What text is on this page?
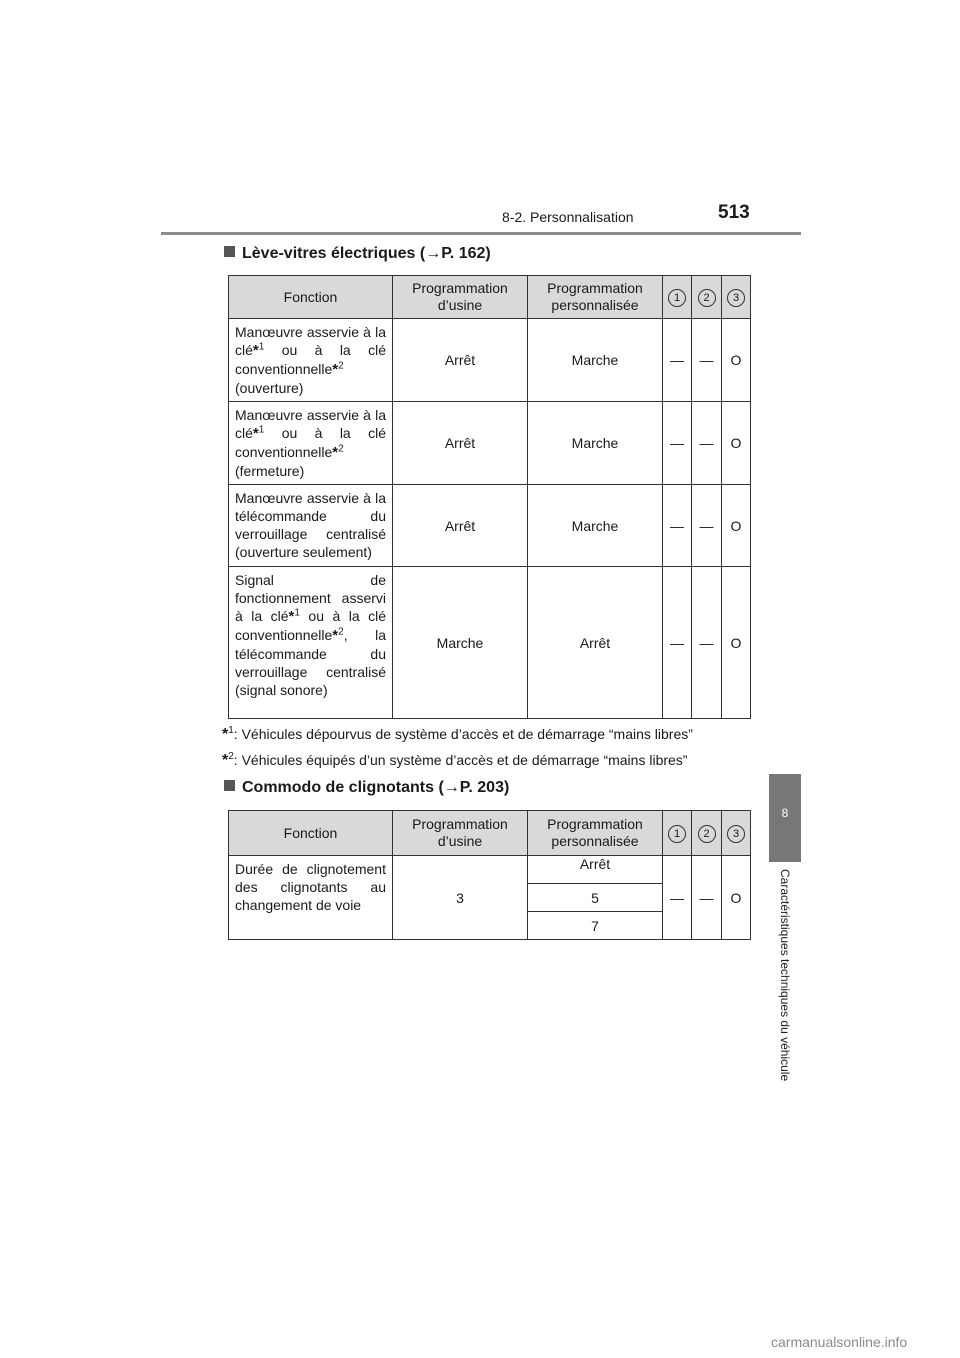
8-2. Personnalisation	513
8
Caractéristiques techniques du véhicule
Lève-vitres électriques (→P. 162)
Fonction	Programmation d’usine	Programmation personnalisée	1	2	3
Manœuvre asservie à la clé*$^1$ ou à la clé conventionnelle*$^2$ (ouverture)	Arrêt	Marche	—	—	O
Manœuvre asservie à la clé*$^1$ ou à la clé conventionnelle*$^2$ (fermeture)	Arrêt	Marche	—	—	O
Manœuvre asservie à la télécommande du verrouillage centralisé (ouverture seulement)	Arrêt	Marche	—	—	O
Signal de fonctionnement asservi à la clé*$^1$ ou à la clé conventionnelle*$^2$, la télécommande du verrouillage centralisé (signal sonore)	Marche	Arrêt	—	—	O
*$^1$: Véhicules dépourvus de système d’accès et de démarrage “mains libres”
*$^2$: Véhicules équipés d’un système d’accès et de démarrage “mains libres”
Commodo de clignotants (→P. 203)
Fonction	Programmation d’usine	Programmation personnalisée	1	2	3
Durée de clignotement des clignotants au changement de voie	3	Arrêt	—	—	O
		5			
		7			
carmanualsonline.info
